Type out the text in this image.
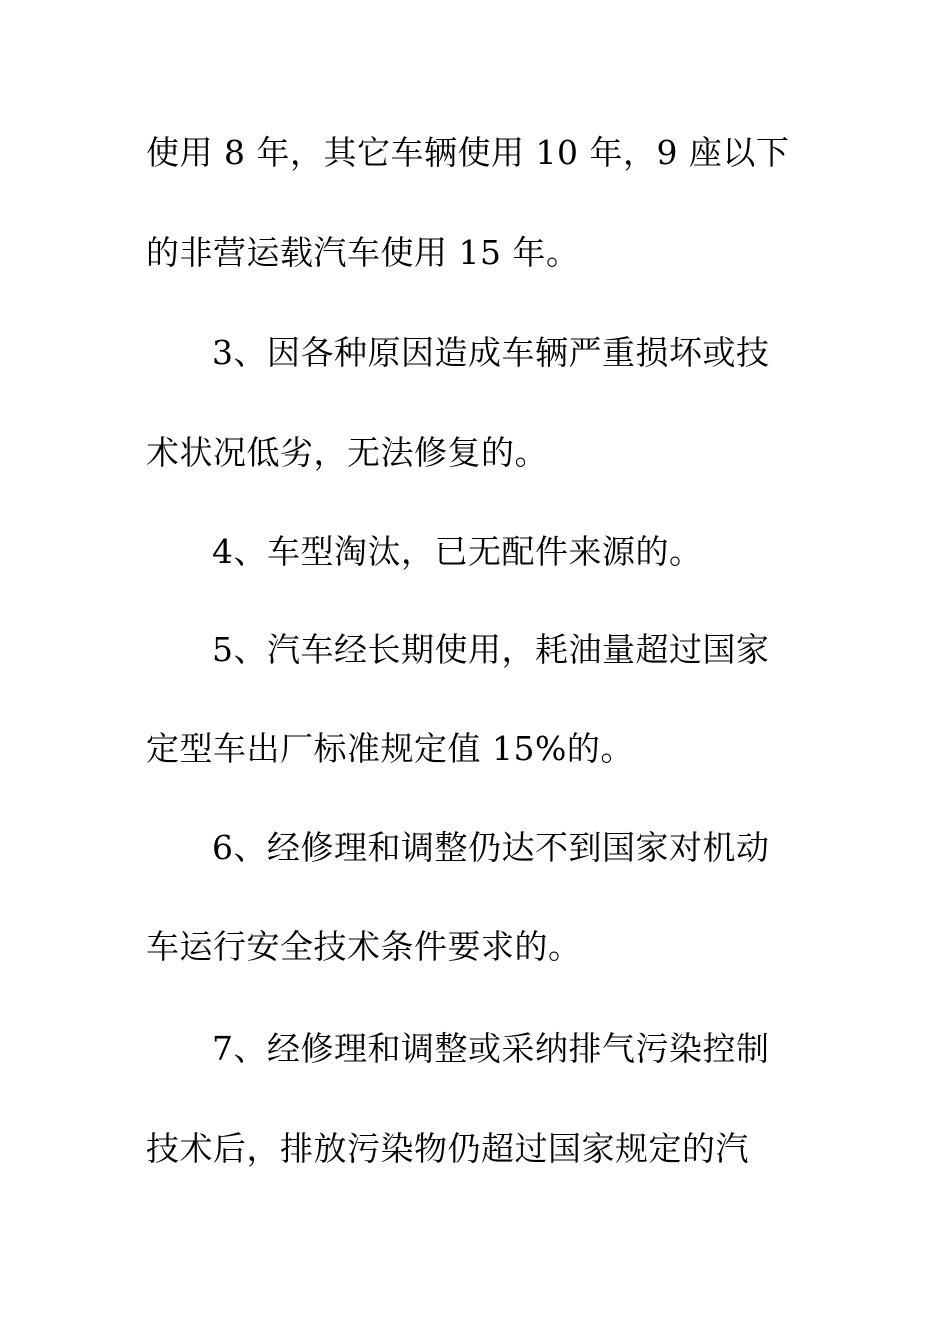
使用 8 年，其它车辆使用 10 年，9 座以下
的非营运载汽车使用 15 年。
3、因各种原因造成车辆严重损坏或技
术状况低劣，无法修复的。
4、车型淘汰，已无配件来源的。
5、汽车经长期使用，耗油量超过国家
定型车出厂标准规定值 15%的。
6、经修理和调整仍达不到国家对机动
车运行安全技术条件要求的。
7、经修理和调整或采纳排气污染控制
技术后，排放污染物仍超过国家规定的汽
